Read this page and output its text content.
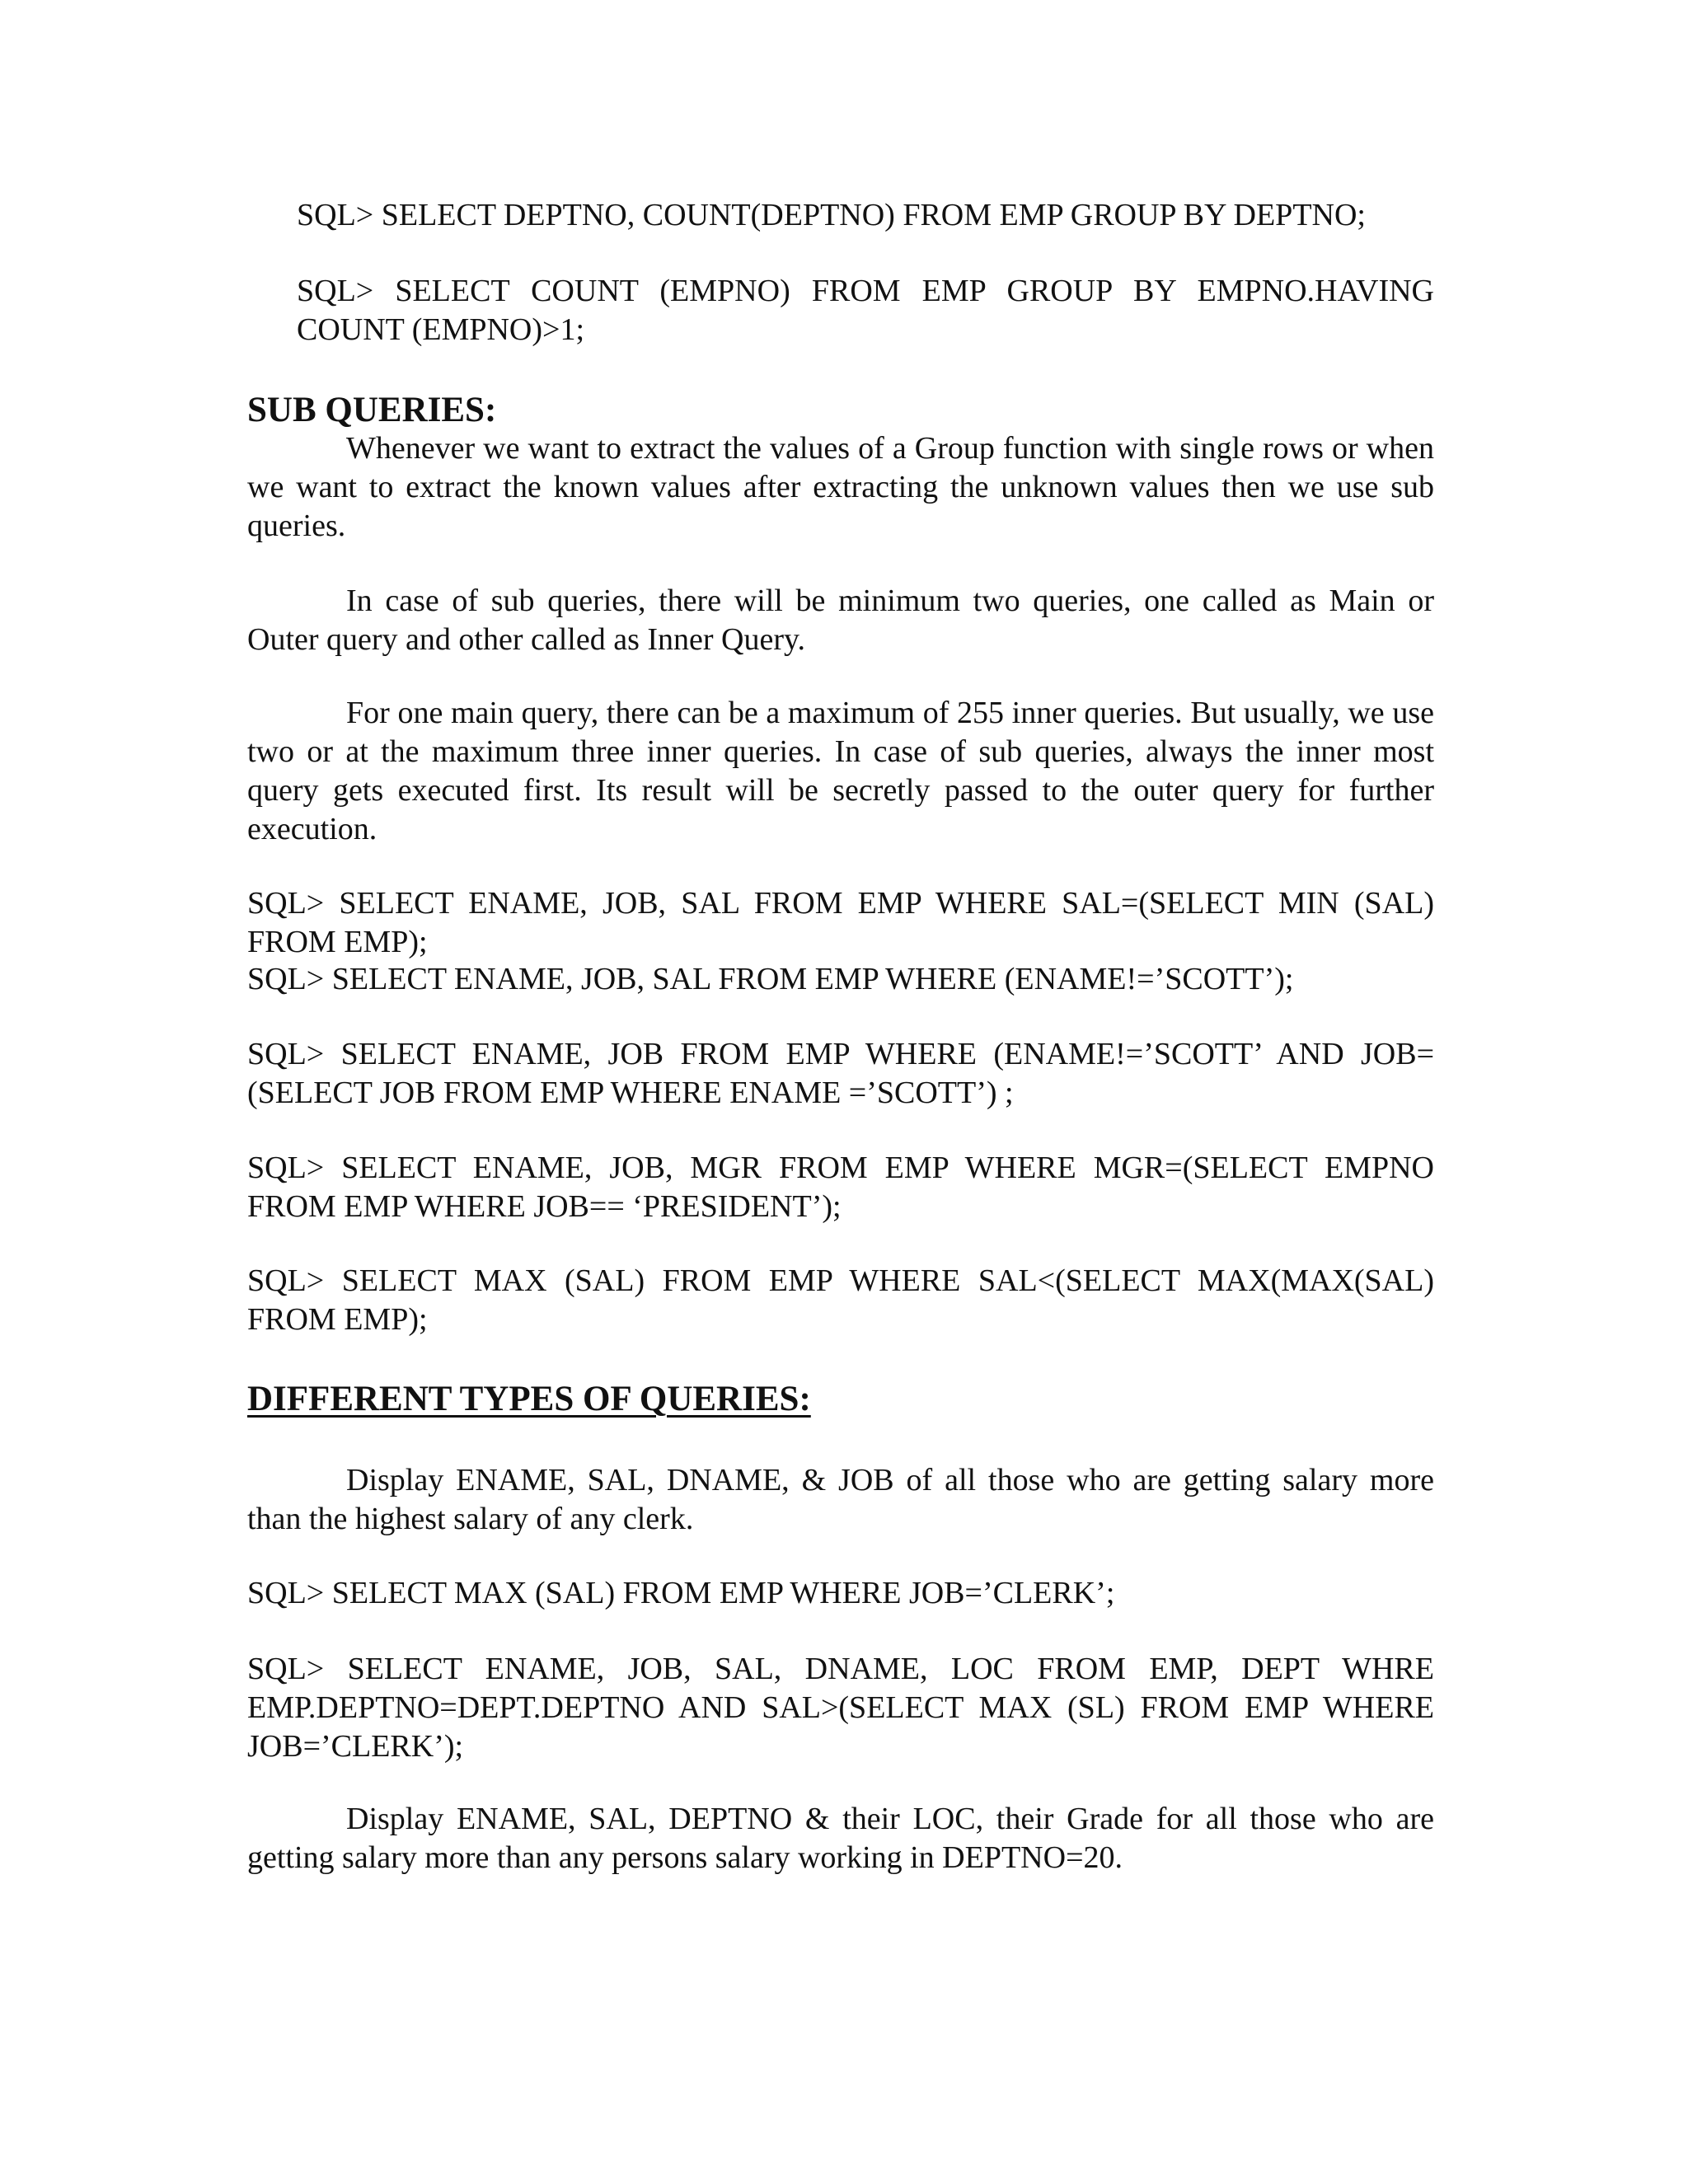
SQL> SELECT DEPTNO, COUNT(DEPTNO) FROM EMP GROUP BY DEPTNO;

SQL> SELECT COUNT (EMPNO) FROM EMP GROUP BY EMPNO.HAVING COUNT (EMPNO)>1;

SUB QUERIES:

Whenever we want to extract the values of a Group function with single rows or when we want to extract the known values after extracting the unknown values then we use sub queries.

In case of sub queries, there will be minimum two queries, one called as Main or Outer query and other called as Inner Query.

For one main query, there can be a maximum of 255 inner queries. But usually, we use two or at the maximum three inner queries. In case of sub queries, always the inner most query gets executed first. Its result will be secretly passed to the outer query for further execution.

SQL> SELECT ENAME, JOB, SAL FROM EMP WHERE SAL=(SELECT MIN (SAL) FROM EMP);

SQL> SELECT ENAME, JOB, SAL FROM EMP WHERE (ENAME!=’SCOTT’);

SQL> SELECT ENAME, JOB FROM EMP WHERE (ENAME!=’SCOTT’ AND JOB= (SELECT JOB FROM EMP WHERE ENAME =’SCOTT’) ;

SQL> SELECT ENAME, JOB, MGR FROM EMP WHERE MGR=(SELECT EMPNO FROM EMP WHERE JOB== ‘PRESIDENT’);

SQL> SELECT MAX (SAL) FROM EMP WHERE SAL<(SELECT MAX(MAX(SAL) FROM EMP);

DIFFERENT TYPES OF QUERIES:

Display ENAME, SAL, DNAME, & JOB of all those who are getting salary more than the highest salary of any clerk.

SQL> SELECT MAX (SAL) FROM EMP WHERE JOB=’CLERK’;

SQL> SELECT ENAME, JOB, SAL, DNAME, LOC FROM EMP, DEPT WHRE EMP.DEPTNO=DEPT.DEPTNO AND SAL>(SELECT MAX (SL) FROM EMP WHERE JOB=’CLERK’);

Display ENAME, SAL, DEPTNO & their LOC, their Grade for all those who are getting salary more than any persons salary working in DEPTNO=20.
